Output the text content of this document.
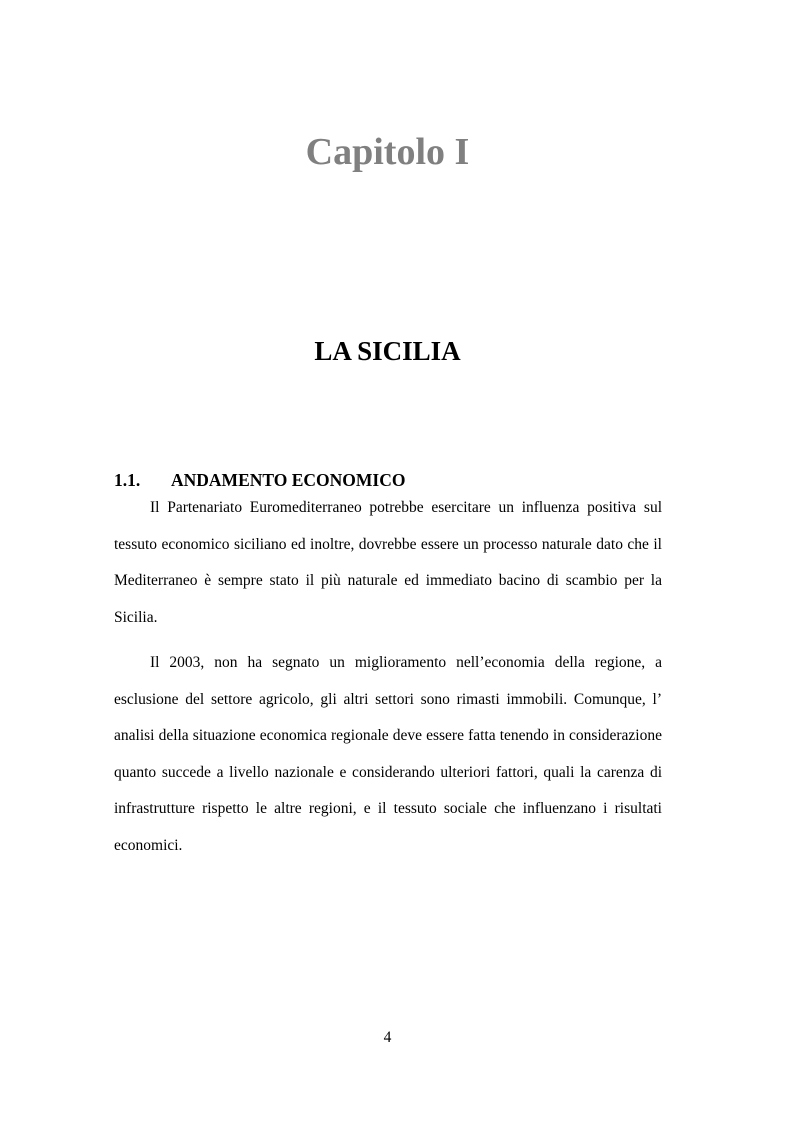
Capitolo I
LA SICILIA
1.1. ANDAMENTO ECONOMICO

Il Partenariato Euromediterraneo potrebbe esercitare un influenza positiva sul tessuto economico siciliano ed inoltre, dovrebbe essere un processo naturale dato che il Mediterraneo è sempre stato il più naturale ed immediato bacino di scambio per la Sicilia.

Il 2003, non ha segnato un miglioramento nell’economia della regione, a esclusione del settore agricolo, gli altri settori sono rimasti immobili. Comunque, l’ analisi della situazione economica regionale deve essere fatta tenendo in considerazione quanto succede a livello nazionale e considerando ulteriori fattori, quali la carenza di infrastrutture rispetto le altre regioni, e il tessuto sociale che influenzano i risultati economici.

4
